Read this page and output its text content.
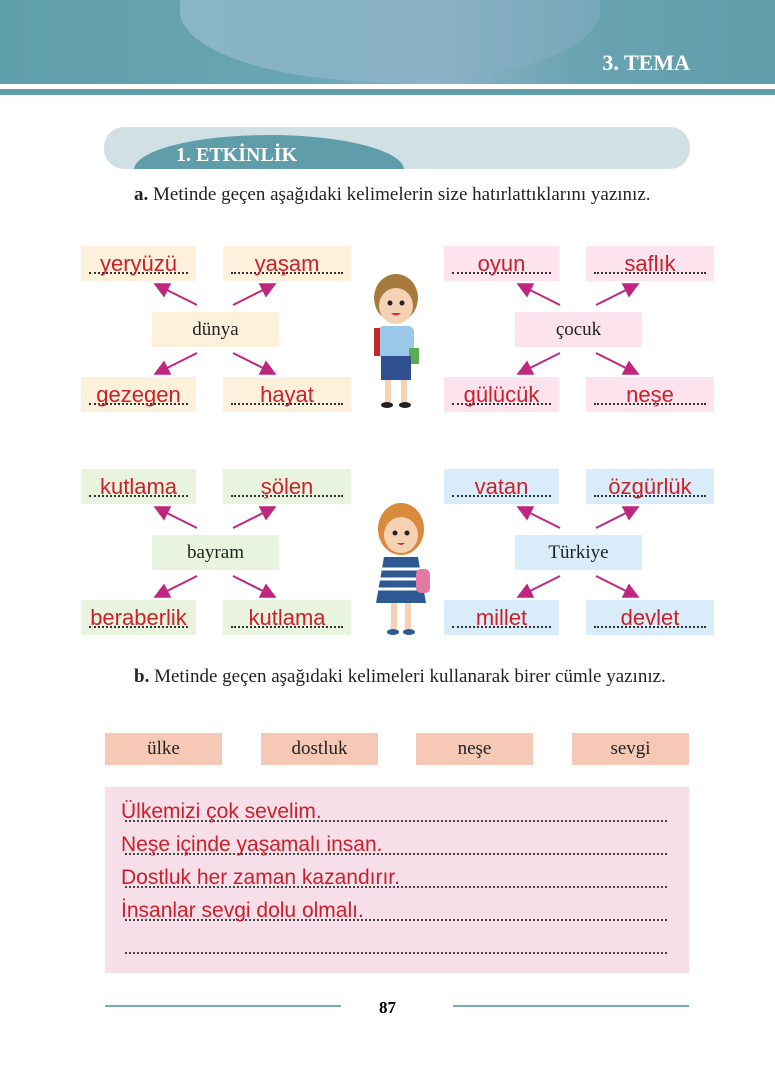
3. TEMA
1. ETKİNLİK
a. Metinde geçen aşağıdaki kelimelerin size hatırlattıklarını yazınız.
yeryüzü	yaşam
gezegen	hayat
dünya
oyun	saflık
gülücük	neşe
çocuk
kutlama	şölen
beraberlik	kutlama
bayram
vatan	özgürlük
millet	devlet
Türkiye
b. Metinde geçen aşağıdaki kelimeleri kullanarak birer cümle yazınız.
ülke	dostluk	neşe	sevgi
Ülkemizi çok sevelim.
Neşe içinde yaşamalı insan.
Dostluk her zaman kazandırır.
İnsanlar sevgi dolu olmalı.
87
